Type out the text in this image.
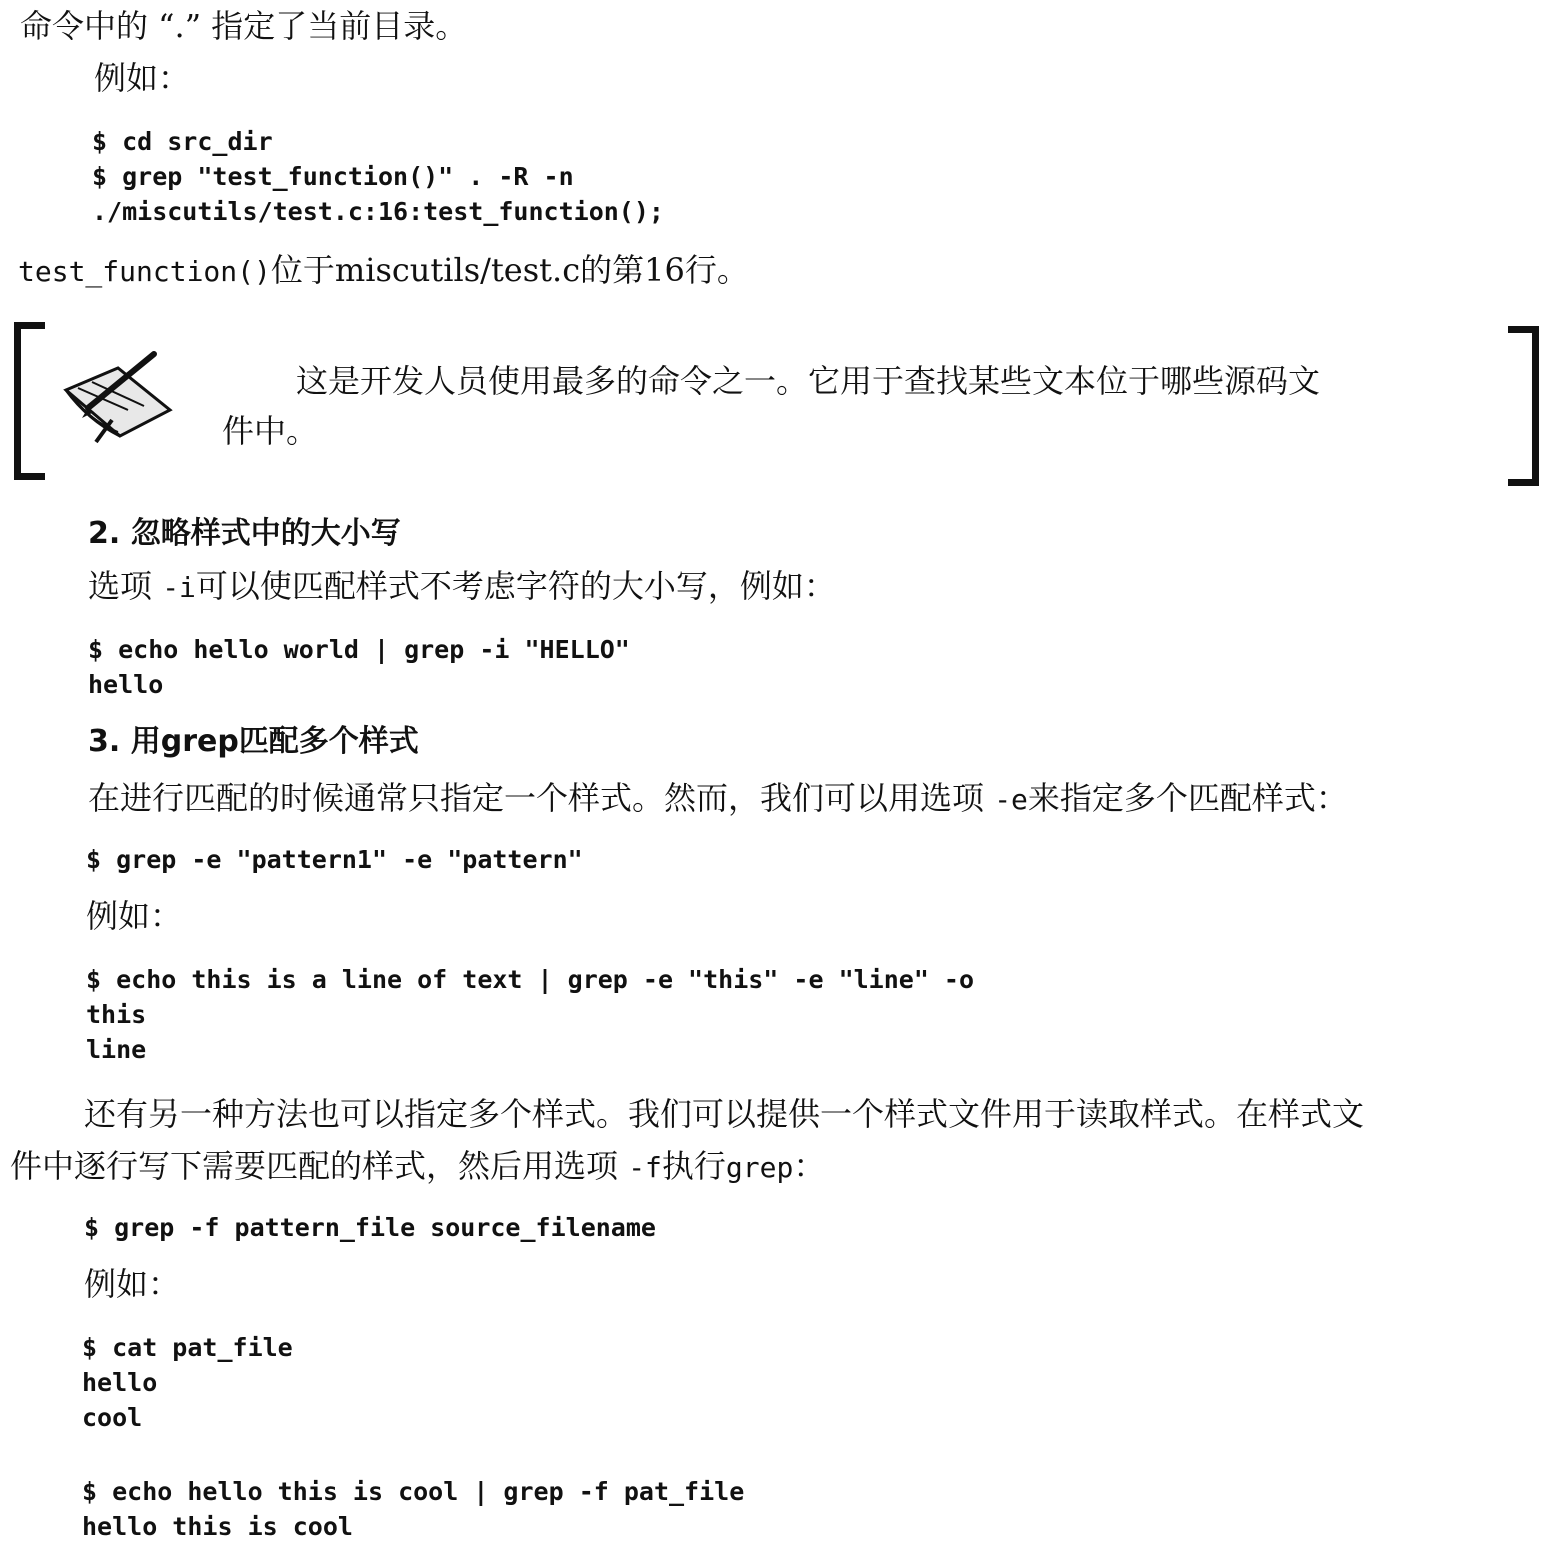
命令中的 “.” 指定了当前目录。

例如：

$ cd src_dir

$ grep "test_function()" . -R -n

./miscutils/test.c:16:test_function();

test_function()位于miscutils/test.c的第16行。

这是开发人员使用最多的命令之一。它用于查找某些文本位于哪些源码文

件中。

2. 忽略样式中的大小写

选项 -i可以使匹配样式不考虑字符的大小写，例如：

$ echo hello world | grep -i "HELLO"

hello

3. 用grep匹配多个样式

在进行匹配的时候通常只指定一个样式。然而，我们可以用选项 -e来指定多个匹配样式：

$ grep -e "pattern1" -e "pattern"

例如：

$ echo this is a line of text | grep -e "this" -e "line" -o

this

line

还有另一种方法也可以指定多个样式。我们可以提供一个样式文件用于读取样式。在样式文

件中逐行写下需要匹配的样式，然后用选项 -f执行grep：

$ grep -f pattern_file source_filename

例如：

$ cat pat_file

hello

cool

$ echo hello this is cool | grep -f pat_file

hello this is cool
